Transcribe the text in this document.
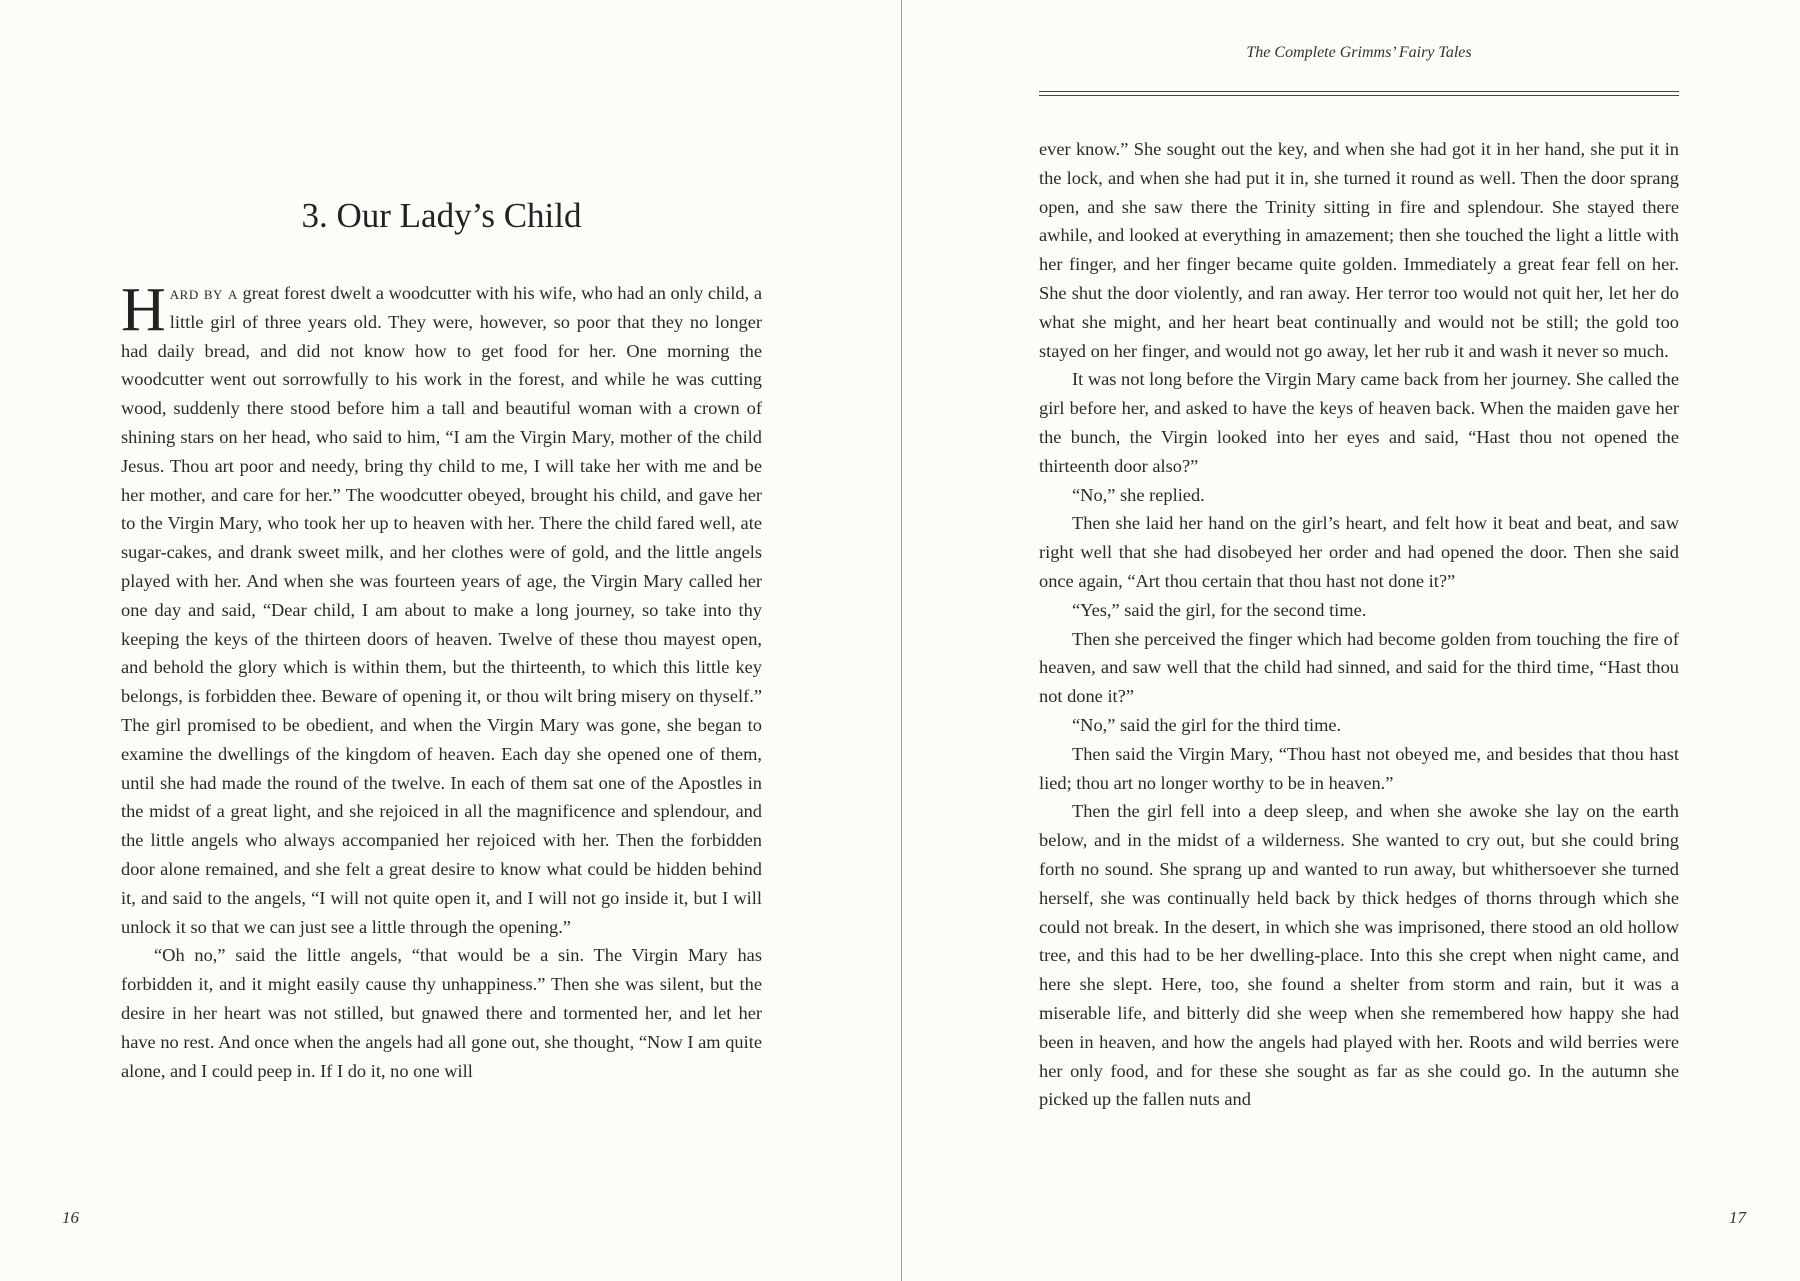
3. Our Lady’s Child

Hard by a great forest dwelt a woodcutter with his wife, who had an only child, a little girl of three years old. They were, however, so poor that they no longer had daily bread, and did not know how to get food for her. One morning the woodcutter went out sorrowfully to his work in the forest, and while he was cutting wood, suddenly there stood before him a tall and beautiful woman with a crown of shining stars on her head, who said to him, “I am the Virgin Mary, mother of the child Jesus. Thou art poor and needy, bring thy child to me, I will take her with me and be her mother, and care for her.” The woodcutter obeyed, brought his child, and gave her to the Virgin Mary, who took her up to heaven with her. There the child fared well, ate sugar-cakes, and drank sweet milk, and her clothes were of gold, and the little angels played with her. And when she was fourteen years of age, the Virgin Mary called her one day and said, “Dear child, I am about to make a long journey, so take into thy keeping the keys of the thirteen doors of heaven. Twelve of these thou mayest open, and behold the glory which is within them, but the thirteenth, to which this little key belongs, is forbidden thee. Beware of opening it, or thou wilt bring misery on thyself.” The girl promised to be obedient, and when the Virgin Mary was gone, she began to examine the dwellings of the kingdom of heaven. Each day she opened one of them, until she had made the round of the twelve. In each of them sat one of the Apostles in the midst of a great light, and she rejoiced in all the magnificence and splendour, and the little angels who always accompanied her rejoiced with her. Then the forbidden door alone remained, and she felt a great desire to know what could be hidden behind it, and said to the angels, “I will not quite open it, and I will not go inside it, but I will unlock it so that we can just see a little through the opening.”

“Oh no,” said the little angels, “that would be a sin. The Virgin Mary has forbidden it, and it might easily cause thy unhappiness.” Then she was silent, but the desire in her heart was not stilled, but gnawed there and tormented her, and let her have no rest. And once when the angels had all gone out, she thought, “Now I am quite alone, and I could peep in. If I do it, no one will

16
The Complete Grimms’ Fairy Tales

ever know.” She sought out the key, and when she had got it in her hand, she put it in the lock, and when she had put it in, she turned it round as well. Then the door sprang open, and she saw there the Trinity sitting in fire and splendour. She stayed there awhile, and looked at everything in amazement; then she touched the light a little with her finger, and her finger became quite golden. Immediately a great fear fell on her. She shut the door violently, and ran away. Her terror too would not quit her, let her do what she might, and her heart beat continually and would not be still; the gold too stayed on her finger, and would not go away, let her rub it and wash it never so much.

It was not long before the Virgin Mary came back from her journey. She called the girl before her, and asked to have the keys of heaven back. When the maiden gave her the bunch, the Virgin looked into her eyes and said, “Hast thou not opened the thirteenth door also?”

“No,” she replied.

Then she laid her hand on the girl’s heart, and felt how it beat and beat, and saw right well that she had disobeyed her order and had opened the door. Then she said once again, “Art thou certain that thou hast not done it?”

“Yes,” said the girl, for the second time.

Then she perceived the finger which had become golden from touching the fire of heaven, and saw well that the child had sinned, and said for the third time, “Hast thou not done it?”

“No,” said the girl for the third time.

Then said the Virgin Mary, “Thou hast not obeyed me, and besides that thou hast lied; thou art no longer worthy to be in heaven.”

Then the girl fell into a deep sleep, and when she awoke she lay on the earth below, and in the midst of a wilderness. She wanted to cry out, but she could bring forth no sound. She sprang up and wanted to run away, but whithersoever she turned herself, she was continually held back by thick hedges of thorns through which she could not break. In the desert, in which she was imprisoned, there stood an old hollow tree, and this had to be her dwelling-place. Into this she crept when night came, and here she slept. Here, too, she found a shelter from storm and rain, but it was a miserable life, and bitterly did she weep when she remembered how happy she had been in heaven, and how the angels had played with her. Roots and wild berries were her only food, and for these she sought as far as she could go. In the autumn she picked up the fallen nuts and

17
